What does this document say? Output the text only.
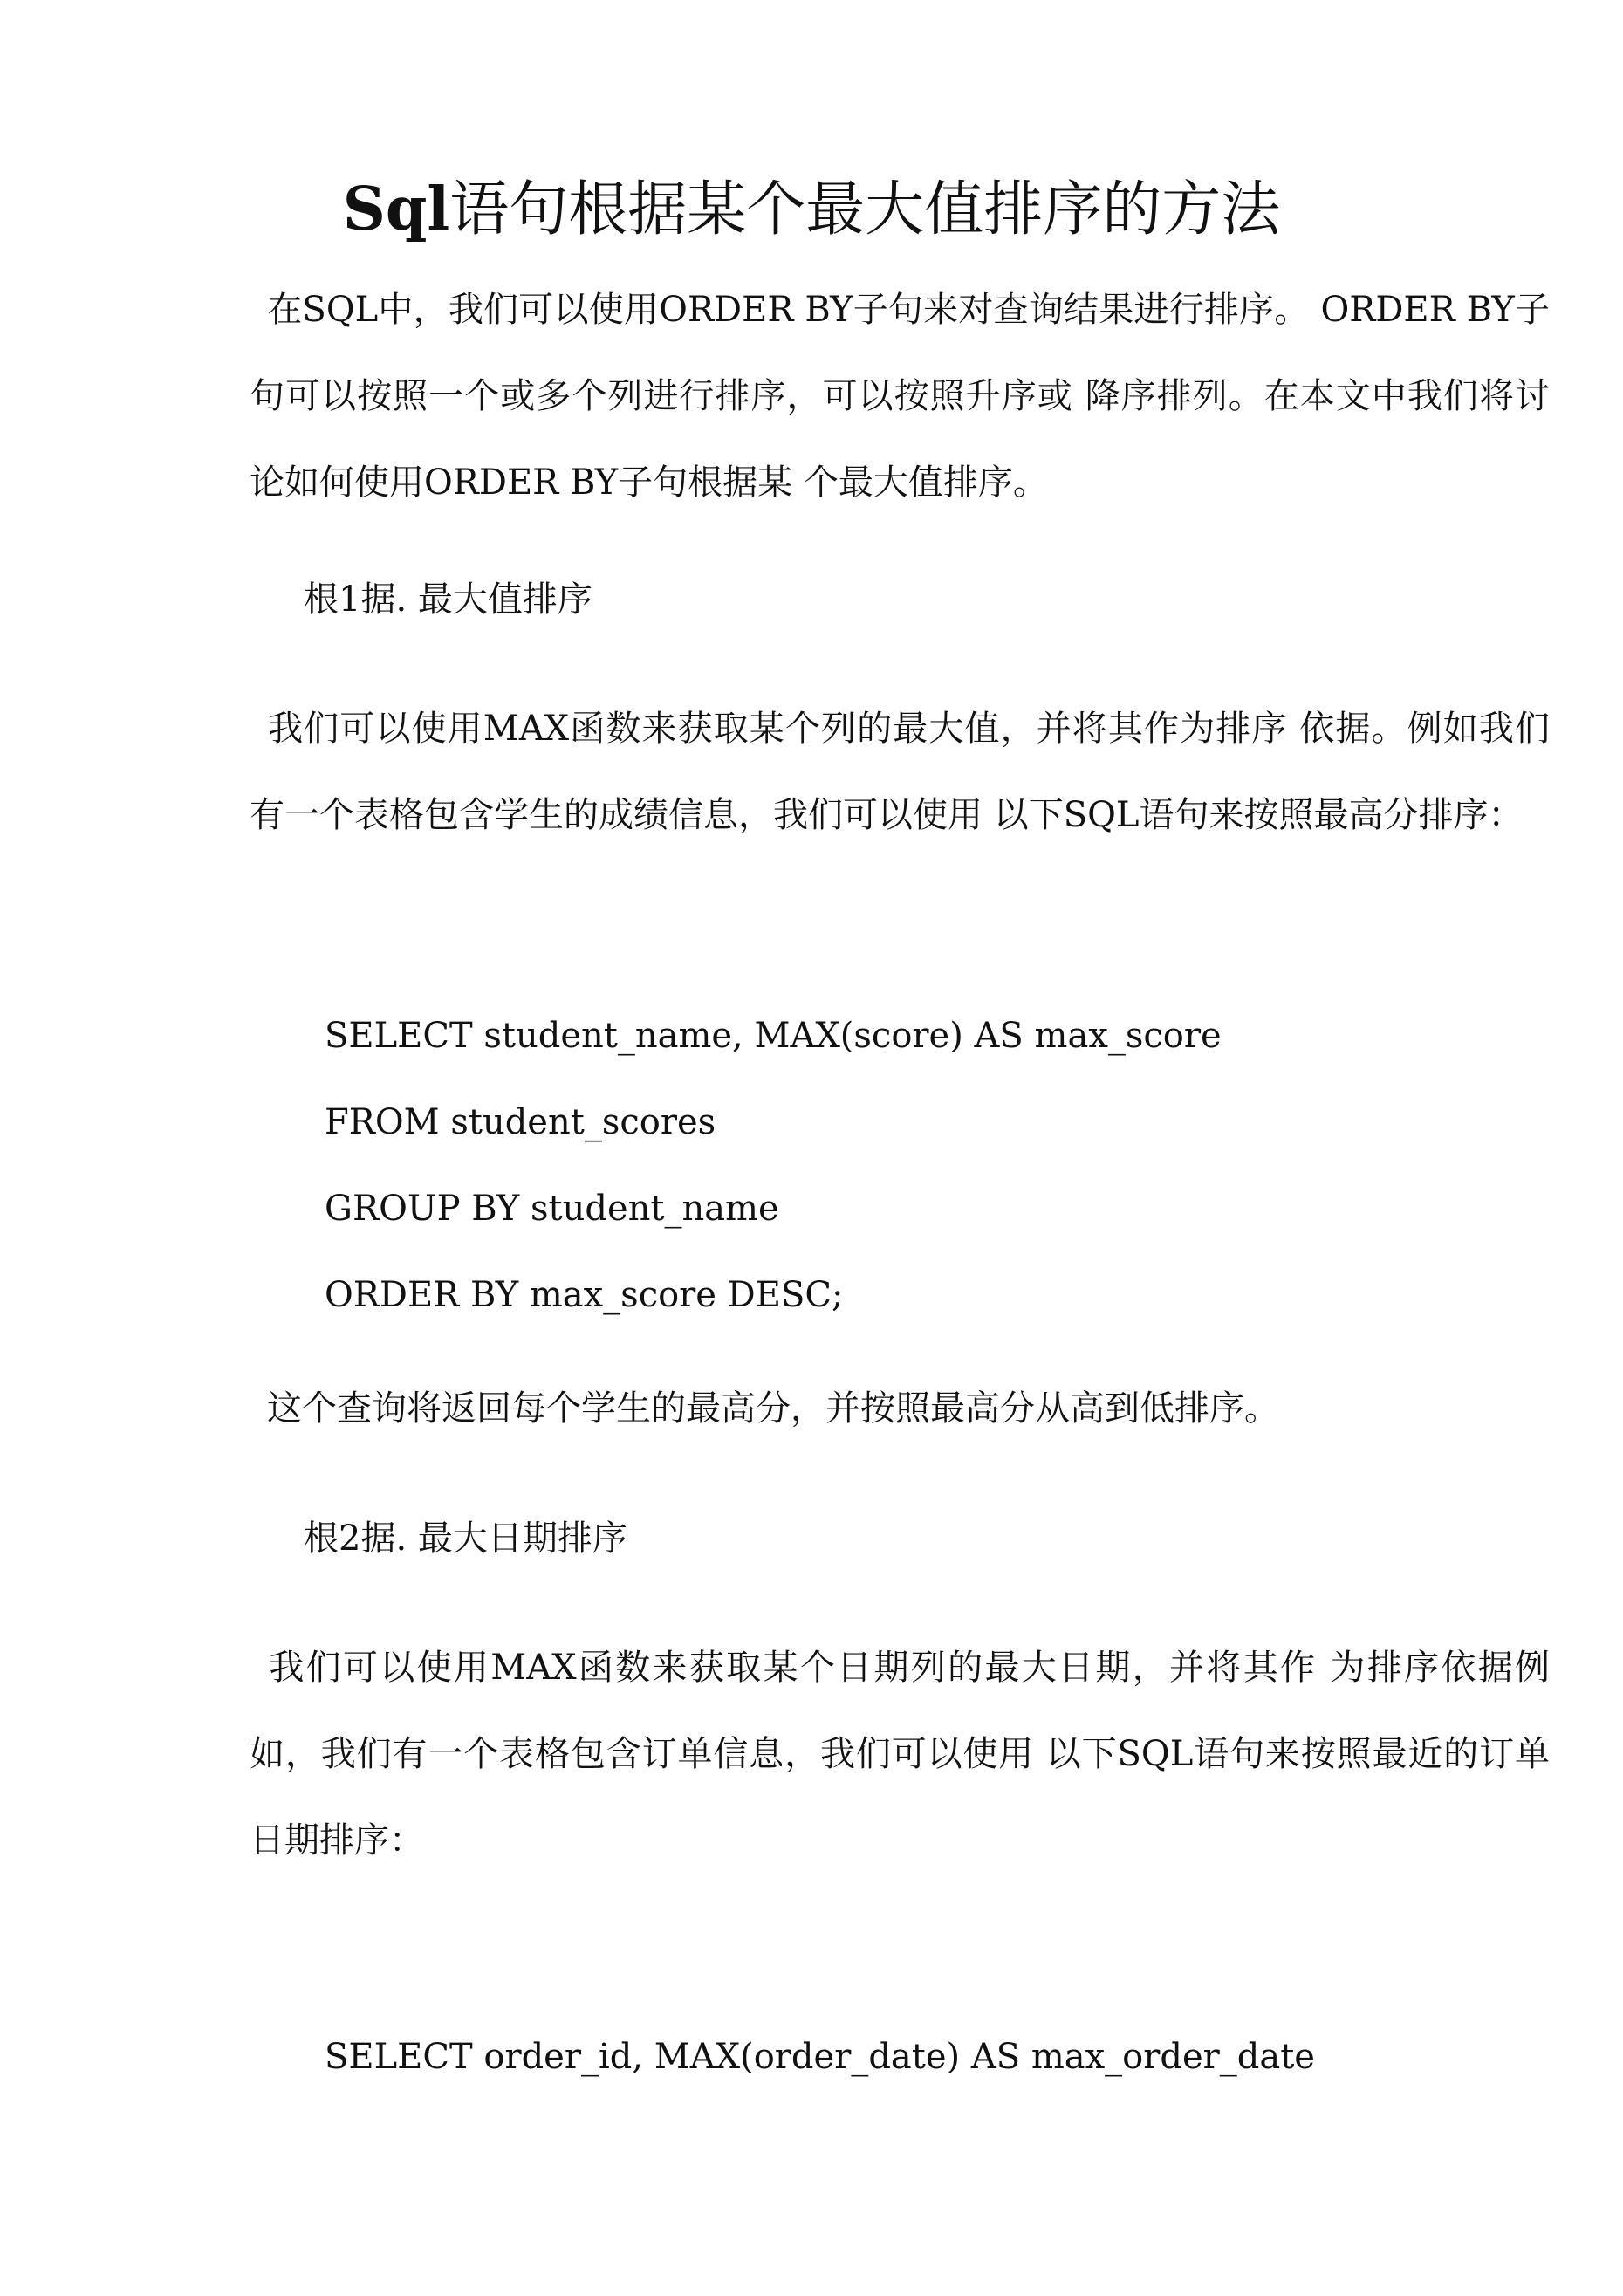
Sql语句根据某个最大值排序的方法

在SQL中，我们可以使用ORDER BY子句来对查询结果进行排序。 ORDER BY子句可以按照一个或多个列进行排序，可以按照升序或 降序排列。在本文中我们将讨论如何使用ORDER BY子句根据某 个最大值排序。

根1据. 最大值排序

我们可以使用MAX函数来获取某个列的最大值，并将其作为排序 依据。例如我们有一个表格包含学生的成绩信息，我们可以使用 以下SQL语句来按照最高分排序：

SELECT student_name, MAX(score) AS max_score
FROM student_scores
GROUP BY student_name
ORDER BY max_score DESC;

这个查询将返回每个学生的最高分，并按照最高分从高到低排序。

根2据. 最大日期排序

我们可以使用MAX函数来获取某个日期列的最大日期，并将其作 为排序依据例如，我们有一个表格包含订单信息，我们可以使用 以下SQL语句来按照最近的订单日期排序：

SELECT order_id, MAX(order_date) AS max_order_date
